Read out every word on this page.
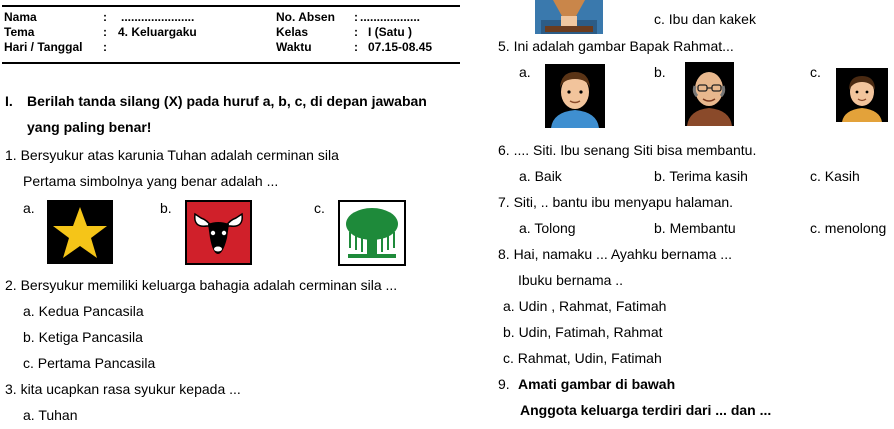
Nama	: ......................	No. Absen : ..................
Tema	: 4. Keluargaku	Kelas	: I (Satu )
Hari / Tanggal :	Waktu	: 07.15-08.45
I. Berilah tanda silang (X) pada huruf a, b, c, di depan jawaban
yang paling benar!
1. Bersyukur atas karunia Tuhan adalah cerminan sila
Pertama simbolnya yang benar adalah ...
a.	b.	c.
2. Bersyukur memiliki keluarga bahagia adalah cerminan sila ...
a. Kedua Pancasila
b. Ketiga Pancasila
c. Pertama Pancasila
3. kita ucapkan rasa syukur kepada ...
a. Tuhan
c. Ibu dan kakek
5. Ini adalah gambar Bapak Rahmat...
a.	b.	c.
6. .... Siti. Ibu senang Siti bisa membantu.
a. Baik	b. Terima kasih	c. Kasih
7. Siti, .. bantu ibu menyapu halaman.
a. Tolong	b. Membantu	c. menolong
8. Hai, namaku ... Ayahku bernama ...
Ibuku bernama ..
a. Udin , Rahmat, Fatimah
b. Udin, Fatimah, Rahmat
c. Rahmat, Udin, Fatimah
9. Amati gambar di bawah
Anggota keluarga terdiri dari ... dan ...
